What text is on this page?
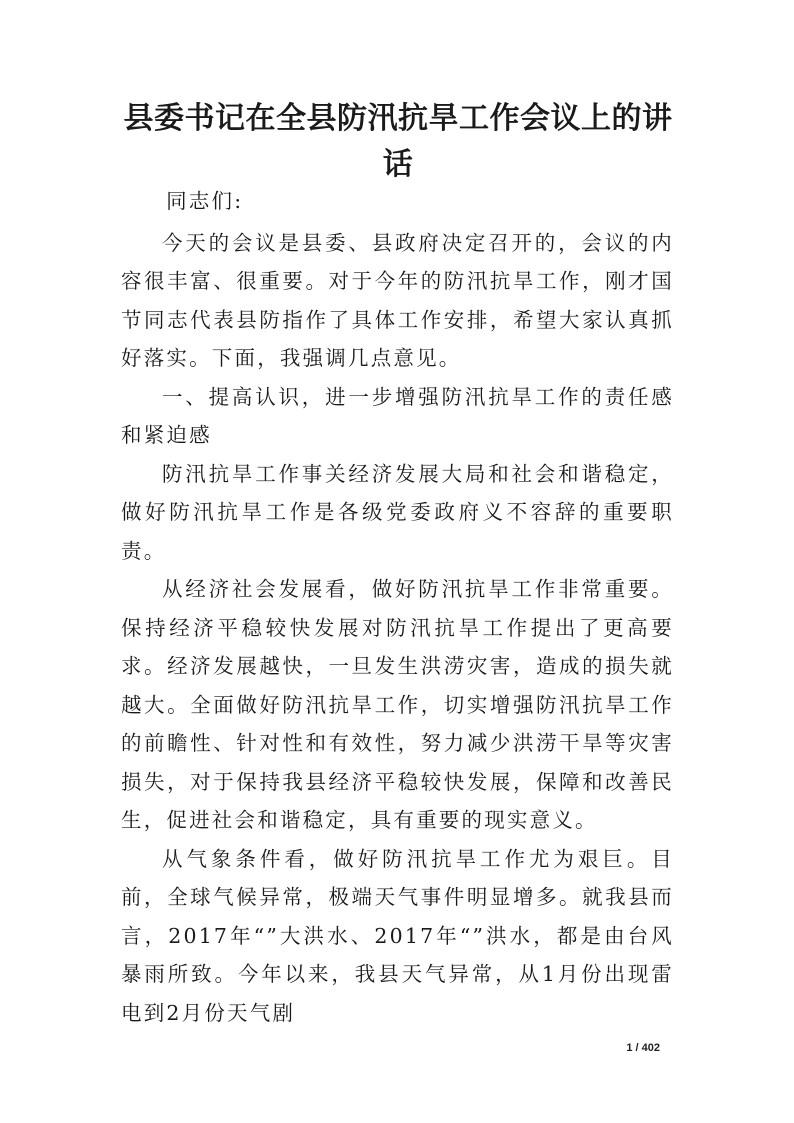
县委书记在全县防汛抗旱工作会议上的讲话

同志们:

今天的会议是县委、县政府决定召开的，会议的内容很丰富、很重要。对于今年的防汛抗旱工作，刚才国节同志代表县防指作了具体工作安排，希望大家认真抓好落实。下面，我强调几点意见。

一、提高认识，进一步增强防汛抗旱工作的责任感和紧迫感

防汛抗旱工作事关经济发展大局和社会和谐稳定，做好防汛抗旱工作是各级党委政府义不容辞的重要职责。

从经济社会发展看，做好防汛抗旱工作非常重要。保持经济平稳较快发展对防汛抗旱工作提出了更高要求。经济发展越快，一旦发生洪涝灾害，造成的损失就越大。全面做好防汛抗旱工作，切实增强防汛抗旱工作的前瞻性、针对性和有效性，努力减少洪涝干旱等灾害损失，对于保持我县经济平稳较快发展，保障和改善民生，促进社会和谐稳定，具有重要的现实意义。

从气象条件看，做好防汛抗旱工作尤为艰巨。目前，全球气候异常，极端天气事件明显增多。就我县而言，2017年“”大洪水、2017年“”洪水，都是由台风暴雨所致。今年以来，我县天气异常，从1月份出现雷电到2月份天气剧

1 / 402
